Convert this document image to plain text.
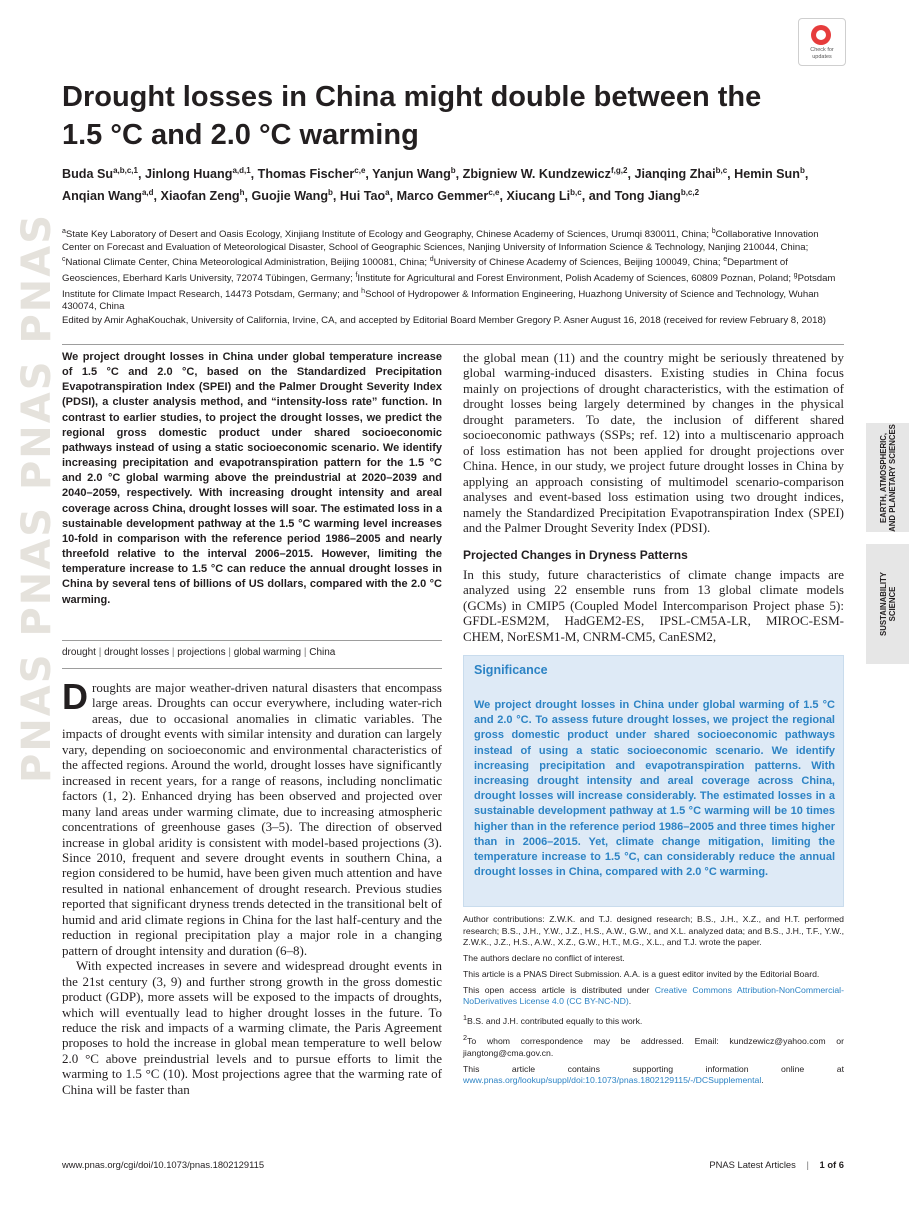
PNAS PNAS PNAS PNAS
Check for
updates
Drought losses in China might double between the
1.5 °C and 2.0 °C warming
Buda Su$^{a,b,c,1}$, Jinlong Huang$^{a,d,1}$, Thomas Fischer$^{c,e}$, Yanjun Wang$^b$, Zbigniew W. Kundzewicz$^{f,g,2}$, Jianqing Zhai$^{b,c}$, Hemin Sun$^b$, Anqian Wang$^{a,d}$, Xiaofan Zeng$^h$, Guojie Wang$^b$, Hui Tao$^a$, Marco Gemmer$^{c,e}$, Xiucang Li$^{b,c}$, and Tong Jiang$^{b,c,2}$
$^a$State Key Laboratory of Desert and Oasis Ecology, Xinjiang Institute of Ecology and Geography, Chinese Academy of Sciences, Urumqi 830011, China; $^b$Collaborative Innovation Center on Forecast and Evaluation of Meteorological Disaster, School of Geographic Sciences, Nanjing University of Information Science & Technology, Nanjing 210044, China; $^c$National Climate Center, China Meteorological Administration, Beijing 100081, China; $^d$University of Chinese Academy of Sciences, Beijing 100049, China; $^e$Department of Geosciences, Eberhard Karls University, 72074 Tübingen, Germany; $^f$Institute for Agricultural and Forest Environment, Polish Academy of Sciences, 60809 Poznan, Poland; $^g$Potsdam Institute for Climate Impact Research, 14473 Potsdam, Germany; and $^h$School of Hydropower & Information Engineering, Huazhong University of Science and Technology, Wuhan 430074, China
Edited by Amir AghaKouchak, University of California, Irvine, CA, and accepted by Editorial Board Member Gregory P. Asner August 16, 2018 (received for review February 8, 2018)

We project drought losses in China under global temperature increase of 1.5 °C and 2.0 °C, based on the Standardized Precipitation Evapotranspiration Index (SPEI) and the Palmer Drought Severity Index (PDSI), a cluster analysis method, and “intensity-loss rate” function. In contrast to earlier studies, to project the drought losses, we predict the regional gross domestic product under shared socioeconomic pathways instead of using a static socioeconomic scenario. We identify increasing precipitation and evapotranspiration pattern for the 1.5 °C and 2.0 °C global warming above the preindustrial at 2020–2039 and 2040–2059, respectively. With increasing drought intensity and areal coverage across China, drought losses will soar. The estimated loss in a sustainable development pathway at the 1.5 °C warming level increases 10-fold in comparison with the reference period 1986–2005 and nearly threefold relative to the interval 2006–2015. However, limiting the temperature increase to 1.5 °C can reduce the annual drought losses in China by several tens of billions of US dollars, compared with the 2.0 °C warming.

drought | drought losses | projections | global warming | China

Droughts are major weather-driven natural disasters that encompass large areas. Droughts can occur everywhere, including water-rich areas, due to occasional anomalies in climatic variables. The impacts of drought events with similar intensity and duration can largely vary, depending on socioeconomic and environmental characteristics of the affected regions. Around the world, drought losses have significantly increased in recent years, for a range of reasons, including nonclimatic factors (1, 2). Enhanced drying has been observed and projected over many land areas under warming climate, due to increasing atmospheric concentrations of greenhouse gases (3–5). The direction of observed increase in global aridity is consistent with model-based projections (3). Since 2010, frequent and severe drought events in southern China, a region considered to be humid, have been given much attention and have resulted in national enhancement of drought research. Previous studies reported that significant dryness trends detected in the transitional belt of humid and arid climate regions in China for the last half-century and the reduction in regional precipitation play a major role in a changing pattern of drought intensity and duration (6–8).

With expected increases in severe and widespread drought events in the 21st century (3, 9) and further strong growth in the gross domestic product (GDP), more assets will be exposed to the impacts of droughts, which will eventually lead to higher drought losses in the future. To reduce the risk and impacts of a warming climate, the Paris Agreement proposes to hold the increase in global mean temperature to well below 2.0 °C above preindustrial levels and to pursue efforts to limit the warming to 1.5 °C (10). Most projections agree that the warming rate of China will be faster than

the global mean (11) and the country might be seriously threatened by global warming-induced disasters. Existing studies in China focus mainly on projections of drought characteristics, with the estimation of drought losses being largely determined by changes in the physical drought parameters. To date, the inclusion of different shared socioeconomic pathways (SSPs; ref. 12) into a multiscenario approach of loss estimation has not been applied for drought projections over China. Hence, in our study, we project future drought losses in China by applying an approach consisting of multimodel scenario-comparison analyses and event-based loss estimation using two drought indices, namely the Standardized Precipitation Evapotranspiration Index (SPEI) and the Palmer Drought Severity Index (PDSI).

Projected Changes in Dryness Patterns
In this study, future characteristics of climate change impacts are analyzed using 22 ensemble runs from 13 global climate models (GCMs) in CMIP5 (Coupled Model Intercomparison Project phase 5): GFDL-ESM2M, HadGEM2-ES, IPSL-CM5A-LR, MIROC-ESM-CHEM, NorESM1-M, CNRM-CM5, CanESM2,
Significance

We project drought losses in China under global warming of 1.5 °C and 2.0 °C. To assess future drought losses, we project the regional gross domestic product under shared socioeconomic pathways instead of using a static socioeconomic scenario. We identify increasing precipitation and evapotranspiration patterns. With increasing drought intensity and areal coverage across China, drought losses will increase considerably. The estimated losses in a sustainable development pathway at 1.5 °C warming will be 10 times higher than in the reference period 1986–2005 and three times higher than in 2006–2015. Yet, climate change mitigation, limiting the temperature increase to 1.5 °C, can considerably reduce the annual drought losses in China, compared with 2.0 °C warming.

Author contributions: Z.W.K. and T.J. designed research; B.S., J.H., X.Z., and H.T. performed research; B.S., J.H., Y.W., J.Z., H.S., A.W., G.W., and X.L. analyzed data; and B.S., J.H., T.F., Y.W., Z.W.K., J.Z., H.S., A.W., X.Z., G.W., H.T., M.G., X.L., and T.J. wrote the paper.

The authors declare no conflict of interest.

This article is a PNAS Direct Submission. A.A. is a guest editor invited by the Editorial Board.

This open access article is distributed under Creative Commons Attribution-NonCommercial-NoDerivatives License 4.0 (CC BY-NC-ND).

$^1$B.S. and J.H. contributed equally to this work.

$^2$To whom correspondence may be addressed. Email: kundzewicz@yahoo.com or jiangtong@cma.gov.cn.

This article contains supporting information online at www.pnas.org/lookup/suppl/doi:10.1073/pnas.1802129115/-/DCSupplemental.

EARTH, ATMOSPHERIC, AND PLANETARY SCIENCES
SUSTAINABILITY SCIENCE
www.pnas.org/cgi/doi/10.1073/pnas.1802129115	PNAS Latest Articles | 1 of 6
